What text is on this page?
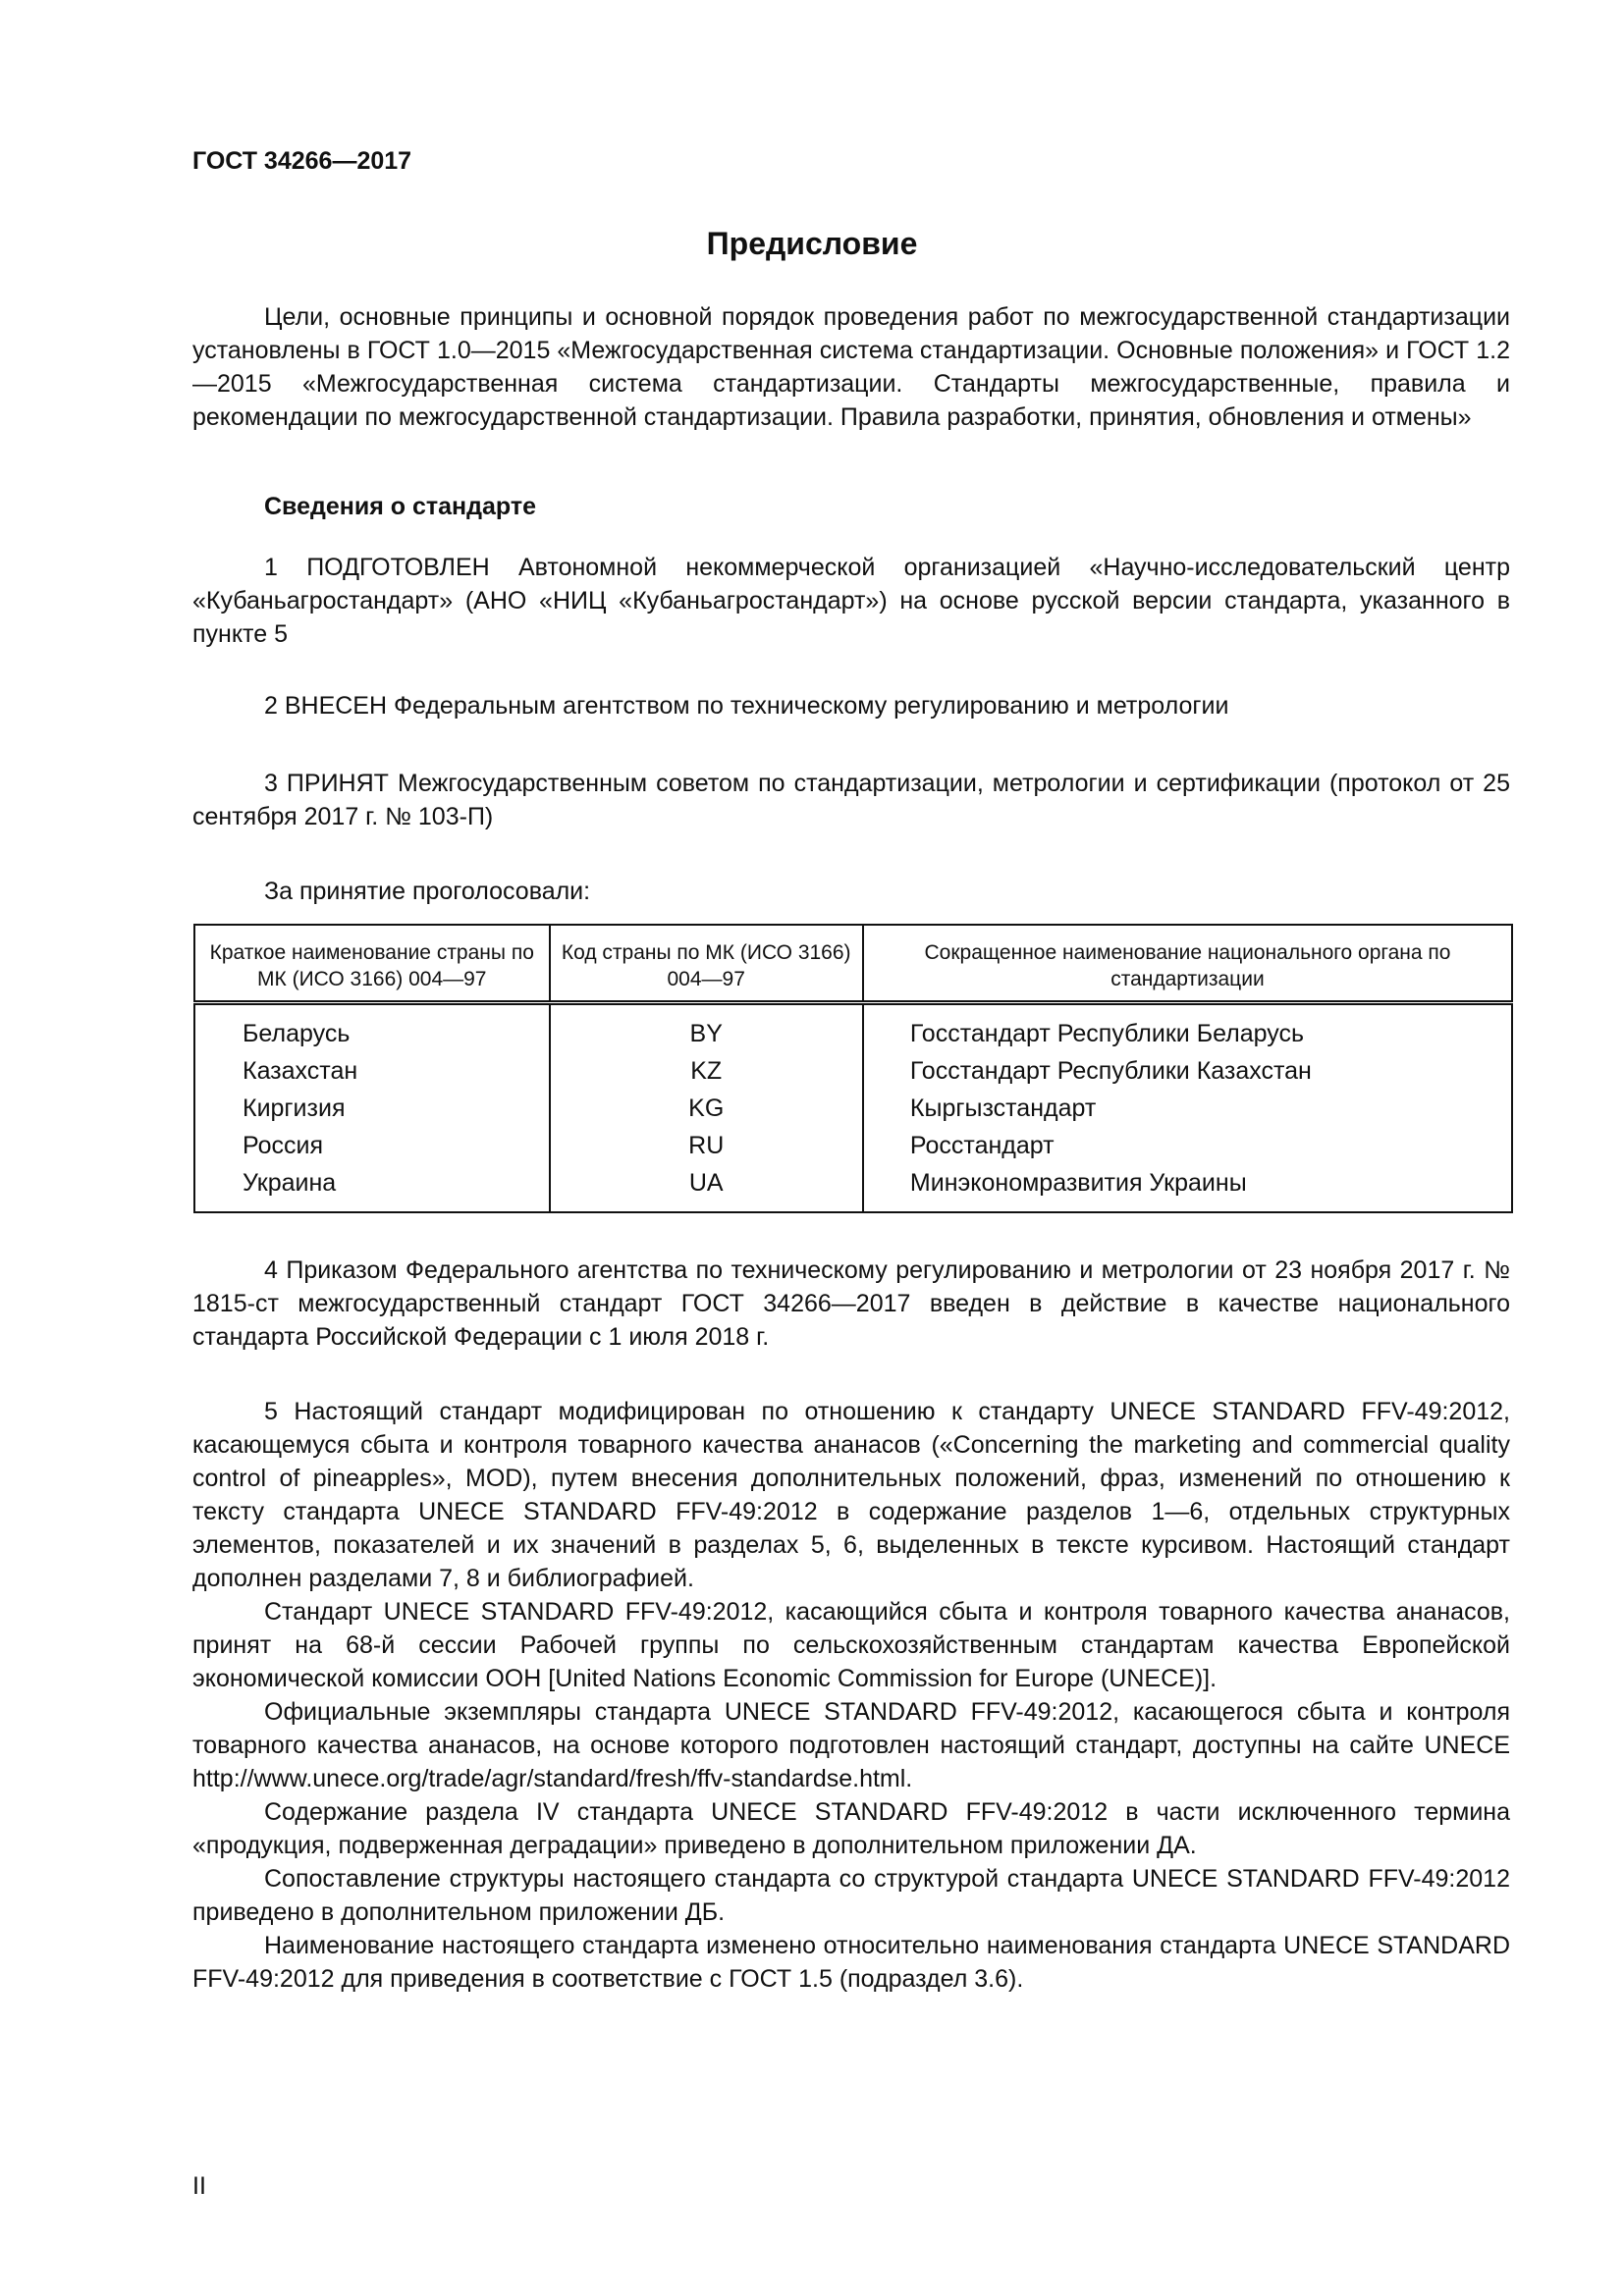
ГОСТ 34266—2017
Предисловие

Цели, основные принципы и основной порядок проведения работ по межгосударственной стандартизации установлены в ГОСТ 1.0—2015 «Межгосударственная система стандартизации. Основные положения» и ГОСТ 1.2—2015 «Межгосударственная система стандартизации. Стандарты межгосударственные, правила и рекомендации по межгосударственной стандартизации. Правила разработки, принятия, обновления и отмены»

Сведения о стандарте

1 ПОДГОТОВЛЕН Автономной некоммерческой организацией «Научно-исследовательский центр «Кубаньагростандарт» (АНО «НИЦ «Кубаньагростандарт») на основе русской версии стандарта, указанного в пункте 5

2 ВНЕСЕН Федеральным агентством по техническому регулированию и метрологии

3 ПРИНЯТ Межгосударственным советом по стандартизации, метрологии и сертификации (протокол от 25 сентября 2017 г. № 103-П)

За принятие проголосовали:
Краткое наименование страны по МК (ИСО 3166) 004—97	Код страны по МК (ИСО 3166) 004—97	Сокращенное наименование национального органа по стандартизации
Беларусь	BY	Госстандарт Республики Беларусь
Казахстан	KZ	Госстандарт Республики Казахстан
Киргизия	KG	Кыргызстандарт
Россия	RU	Росстандарт
Украина	UA	Минэкономразвития Украины

4 Приказом Федерального агентства по техническому регулированию и метрологии от 23 ноября 2017 г. № 1815-ст межгосударственный стандарт ГОСТ 34266—2017 введен в действие в качестве национального стандарта Российской Федерации с 1 июля 2018 г.

5 Настоящий стандарт модифицирован по отношению к стандарту UNECE STANDARD FFV-49:2012, касающемуся сбыта и контроля товарного качества ананасов («Concerning the marketing and commercial quality control of pineapples», MOD), путем внесения дополнительных положений, фраз, изменений по отношению к тексту стандарта UNECE STANDARD FFV-49:2012 в содержание разделов 1—6, отдельных структурных элементов, показателей и их значений в разделах 5, 6, выделенных в тексте курсивом. Настоящий стандарт дополнен разделами 7, 8 и библиографией.

Стандарт UNECE STANDARD FFV-49:2012, касающийся сбыта и контроля товарного качества ананасов, принят на 68-й сессии Рабочей группы по сельскохозяйственным стандартам качества Европейской экономической комиссии ООН [United Nations Economic Commission for Europe (UNECE)].

Официальные экземпляры стандарта UNECE STANDARD FFV-49:2012, касающегося сбыта и контроля товарного качества ананасов, на основе которого подготовлен настоящий стандарт, доступны на сайте UNECE http://www.unece.org/trade/agr/standard/fresh/ffv-standardse.html.

Содержание раздела IV стандарта UNECE STANDARD FFV-49:2012 в части исключенного термина «продукция, подверженная деградации» приведено в дополнительном приложении ДА.

Сопоставление структуры настоящего стандарта со структурой стандарта UNECE STANDARD FFV-49:2012 приведено в дополнительном приложении ДБ.

Наименование настоящего стандарта изменено относительно наименования стандарта UNECE STANDARD FFV-49:2012 для приведения в соответствие с ГОСТ 1.5 (подраздел 3.6).

II
